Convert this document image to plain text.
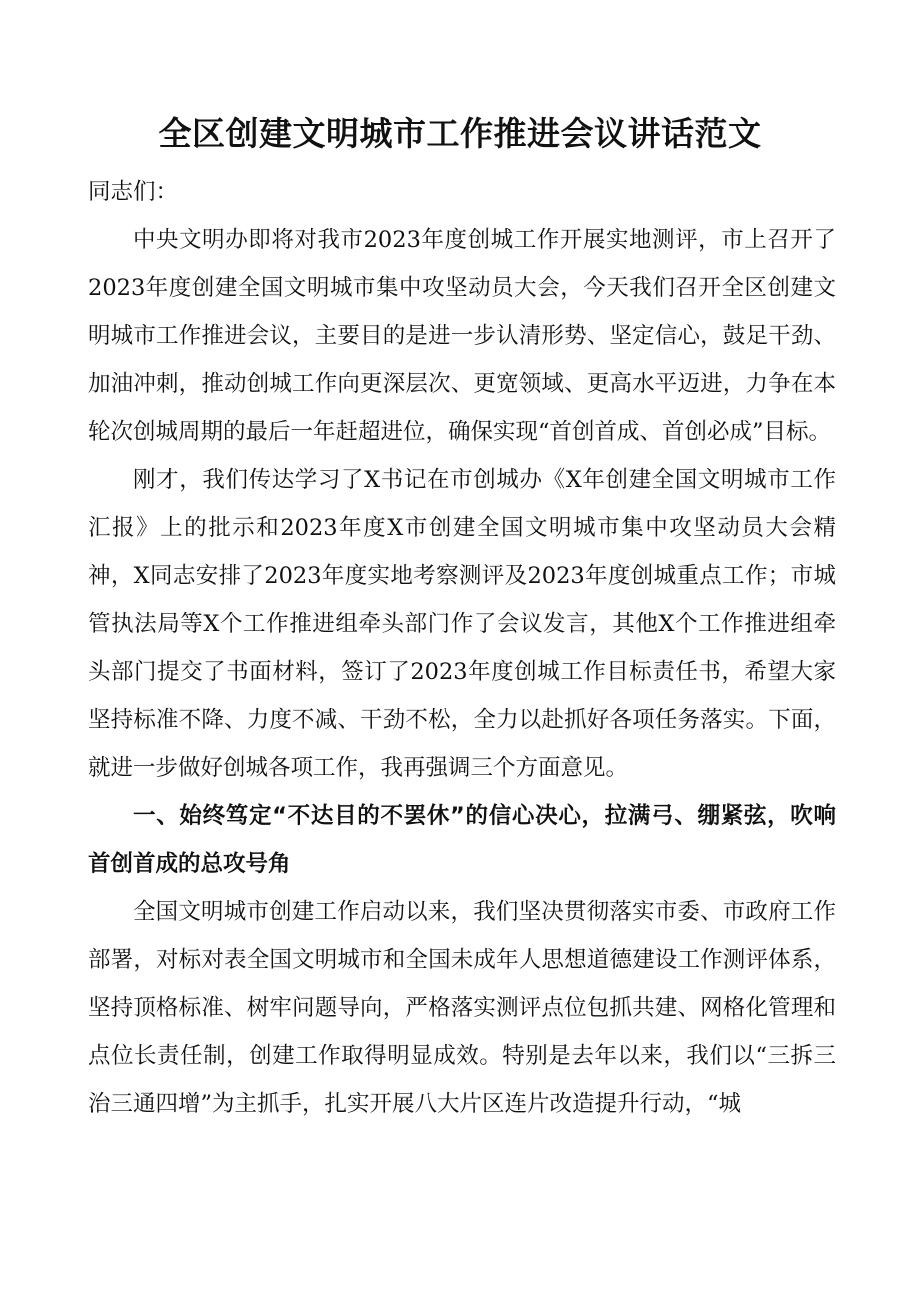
全区创建文明城市工作推进会议讲话范文

同志们：

中央文明办即将对我市2023年度创城工作开展实地测评，市上召开了2023年度创建全国文明城市集中攻坚动员大会，今天我们召开全区创建文明城市工作推进会议，主要目的是进一步认清形势、坚定信心，鼓足干劲、加油冲刺，推动创城工作向更深层次、更宽领域、更高水平迈进，力争在本轮次创城周期的最后一年赶超进位，确保实现“首创首成、首创必成”目标。

刚才，我们传达学习了X书记在市创城办《X年创建全国文明城市工作汇报》上的批示和2023年度X市创建全国文明城市集中攻坚动员大会精神，X同志安排了2023年度实地考察测评及2023年度创城重点工作；市城管执法局等X个工作推进组牵头部门作了会议发言，其他X个工作推进组牵头部门提交了书面材料，签订了2023年度创城工作目标责任书，希望大家坚持标准不降、力度不减、干劲不松，全力以赴抓好各项任务落实。下面，就进一步做好创城各项工作，我再强调三个方面意见。

一、始终笃定“不达目的不罢休”的信心决心，拉满弓、绷紧弦，吹响首创首成的总攻号角

全国文明城市创建工作启动以来，我们坚决贯彻落实市委、市政府工作部署，对标对表全国文明城市和全国未成年人思想道德建设工作测评体系，坚持顶格标准、树牢问题导向，严格落实测评点位包抓共建、网格化管理和点位长责任制，创建工作取得明显成效。特别是去年以来，我们以“三拆三治三通四增”为主抓手，扎实开展八大片区连片改造提升行动，“城
